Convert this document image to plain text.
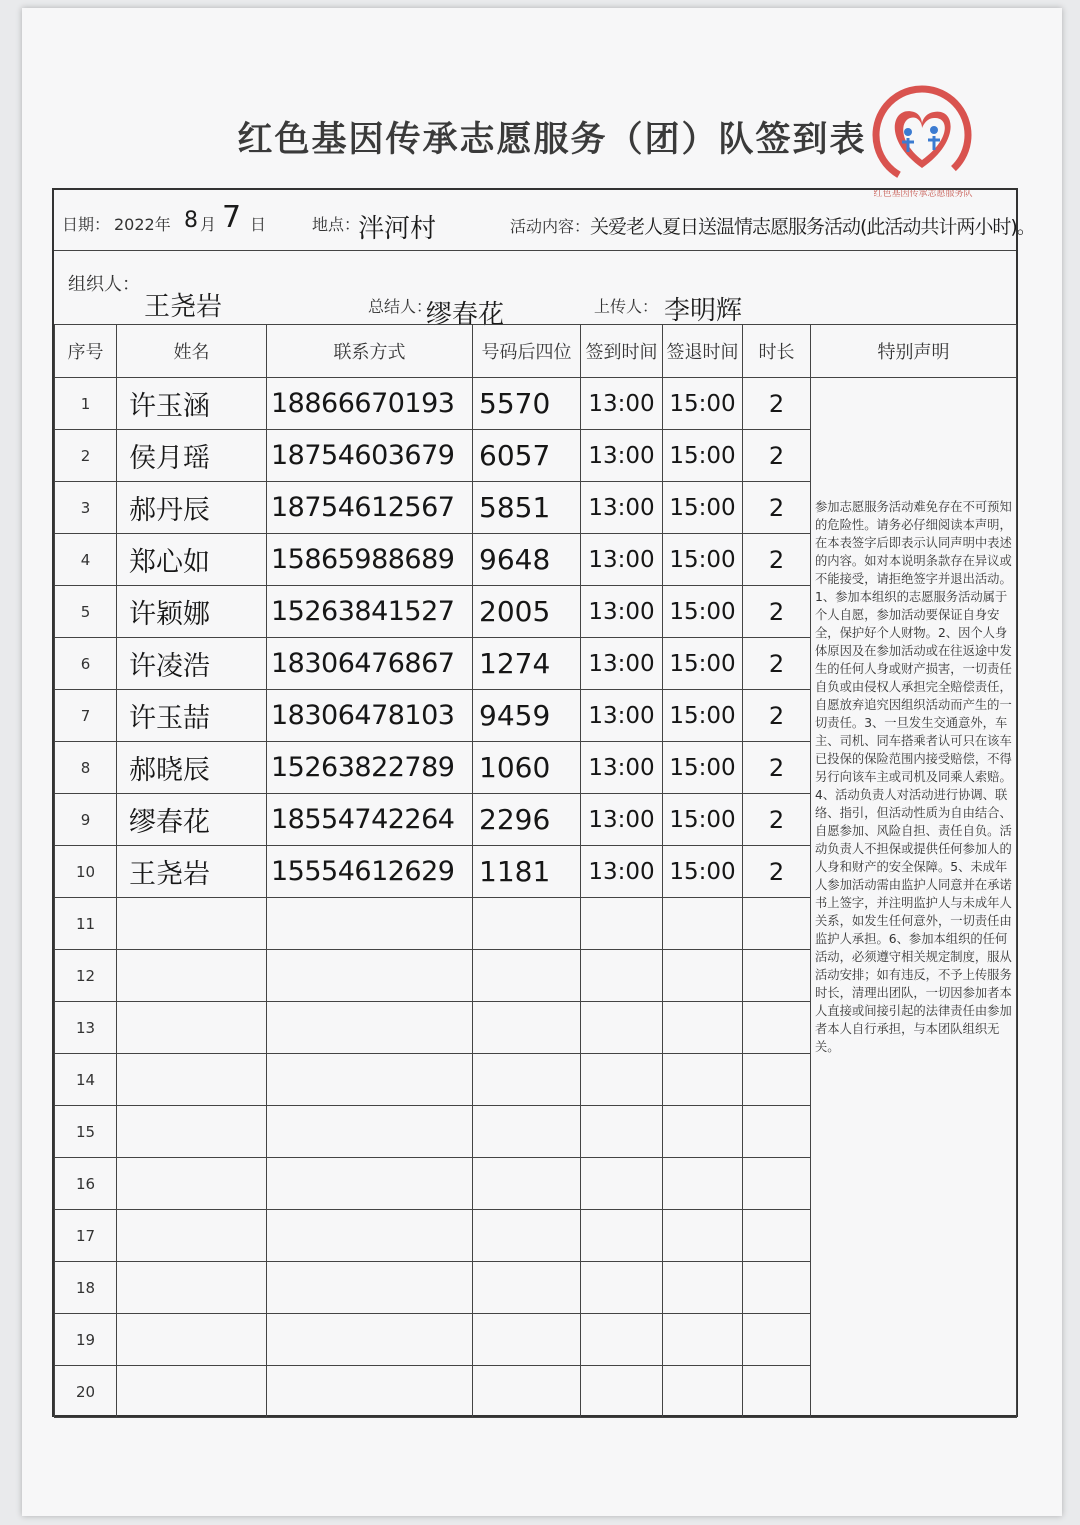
红色基因传承志愿服务（团）队签到表
红色基因传承志愿服务队
日期： 2022年 8 月 7 日	地点：
泮河村	活动内容： 关爱老人夏日送温情志愿服务活动(此活动共计两小时)。
组织人：
王尧岩	总结人：
缪春花	上传人： 李明辉
序号	姓名	联系方式	号码后四位	签到时间	签退时间	时长	特别声明
1	许玉涵	18866670193	5570	13:00	15:00	2	参加志愿服务活动难免存在不可预知的危险性。请务必仔细阅读本声明，在本表签字后即表示认同声明中表述的内容。如对本说明条款存在异议或不能接受，请拒绝签字并退出活动。 1、参加本组织的志愿服务活动属于个人自愿，参加活动要保证自身安全，保护好个人财物。2、因个人身体原因及在参加活动或在往返途中发生的任何人身或财产损害，一切责任自负或由侵权人承担完全赔偿责任，自愿放弃追究因组织活动而产生的一切责任。3、一旦发生交通意外，车主、司机、同车搭乘者认可只在该车已投保的保险范围内接受赔偿，不得另行向该车主或司机及同乘人索赔。4、活动负责人对活动进行协调、联络、指引，但活动性质为自由结合、自愿参加、风险自担、责任自负。活动负责人不担保或提供任何参加人的人身和财产的安全保障。5、未成年人参加活动需由监护人同意并在承诺书上签字，并注明监护人与未成年人关系，如发生任何意外，一切责任由监护人承担。6、参加本组织的任何活动，必须遵守相关规定制度，服从活动安排；如有违反，不予上传服务时长，清理出团队，一切因参加者本人直接或间接引起的法律责任由参加者本人自行承担，与本团队组织无关。
2	侯月瑶	18754603679	6057	13:00	15:00	2	
3	郝丹辰	18754612567	5851	13:00	15:00	2	
4	郑心如	15865988689	9648	13:00	15:00	2	
5	许颖娜	15263841527	2005	13:00	15:00	2	
6	许凌浩	18306476867	1274	13:00	15:00	2	
7	许玉喆	18306478103	9459	13:00	15:00	2	
8	郝晓辰	15263822789	1060	13:00	15:00	2	
9	缪春花	18554742264	2296	13:00	15:00	2	
10	王尧岩	15554612629	1181	13:00	15:00	2	
11							
12							
13							
14							
15							
16							
17							
18							
19							
20							
